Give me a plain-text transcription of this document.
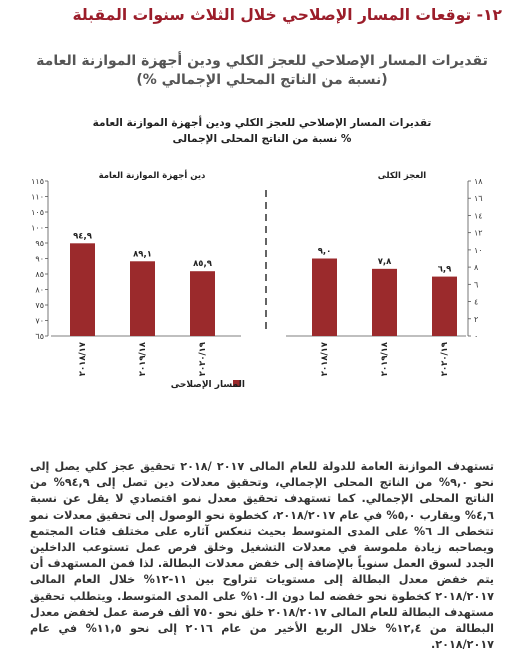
١٢- توقعات المسار الإصلاحي خلال الثلاث سنوات المقبلة
تقديرات المسار الإصلاحي للعجز الكلي ودين أجهزة الموازنة العامة
(نسبة من الناتج المحلي الإجمالي %)
تقديرات المسار الإصلاحي للعجز الكلي ودين أجهزة الموازنة العامة
% نسبة من الناتج المحلى الإجمالى
٦٥
٧٠
٧٥
٨٠
٨٥
٩٠
٩٥
١٠٠
١٠٥
١١٠
١١٥
دين أجهزة الموازنة العامة
٩٤,٩
٢٠١٨/١٧
٨٩,١
٢٠١٩/١٨
٨٥,٩
٢٠٢٠/١٩
٠
٢
٤
٦
٨
١٠
١٢
١٤
١٦
١٨
العجز الكلى
٩,٠
٢٠١٨/١٧
٧,٨
٢٠١٩/١٨
٦,٩
٢٠٢٠/١٩
المسار الإصلاحى
تستهدف الموازنة العامة للدولة للعام المالى ٢٠١٧ /٢٠١٨ تحقيق عجز كلي يصل إلى نحو ٩,٠% من الناتج المحلى الإجمالي، وتحقيق معدلات دين تصل إلى ٩٤,٩% من الناتج المحلى الإجمالي. كما تستهدف تحقيق معدل نمو اقتصادي لا يقل عن نسبة ٤,٦% ويقارب ٥,٠% في عام ٢٠١٨/٢٠١٧، كخطوة نحو الوصول إلى تحقيق معدلات نمو تتخطى الـ ٦% على المدى المتوسط بحيث تنعكس آثاره على مختلف فئات المجتمع ويصاحبه زيادة ملموسة في معدلات التشغيل وخلق فرص عمل تستوعب الداخلين الجدد لسوق العمل سنوياً بالإضافة إلى خفض معدلات البطالة. لذا فمن المستهدف أن يتم خفض معدل البطالة إلى مستويات تتراوح بين ١١-١٢% خلال العام المالى ٢٠١٨/٢٠١٧ كخطوة نحو خفضه لما دون الـ١٠% على المدى المتوسط. ويتطلب تحقيق مستهدف البطالة للعام المالى ٢٠١٨/٢٠١٧ خلق نحو ٧٥٠ ألف فرصة عمل لخفض معدل البطالة من ١٢,٤% خلال الربع الأخير من عام ٢٠١٦ إلى نحو ١١,٥% في عام ٢٠١٨/٢٠١٧.
